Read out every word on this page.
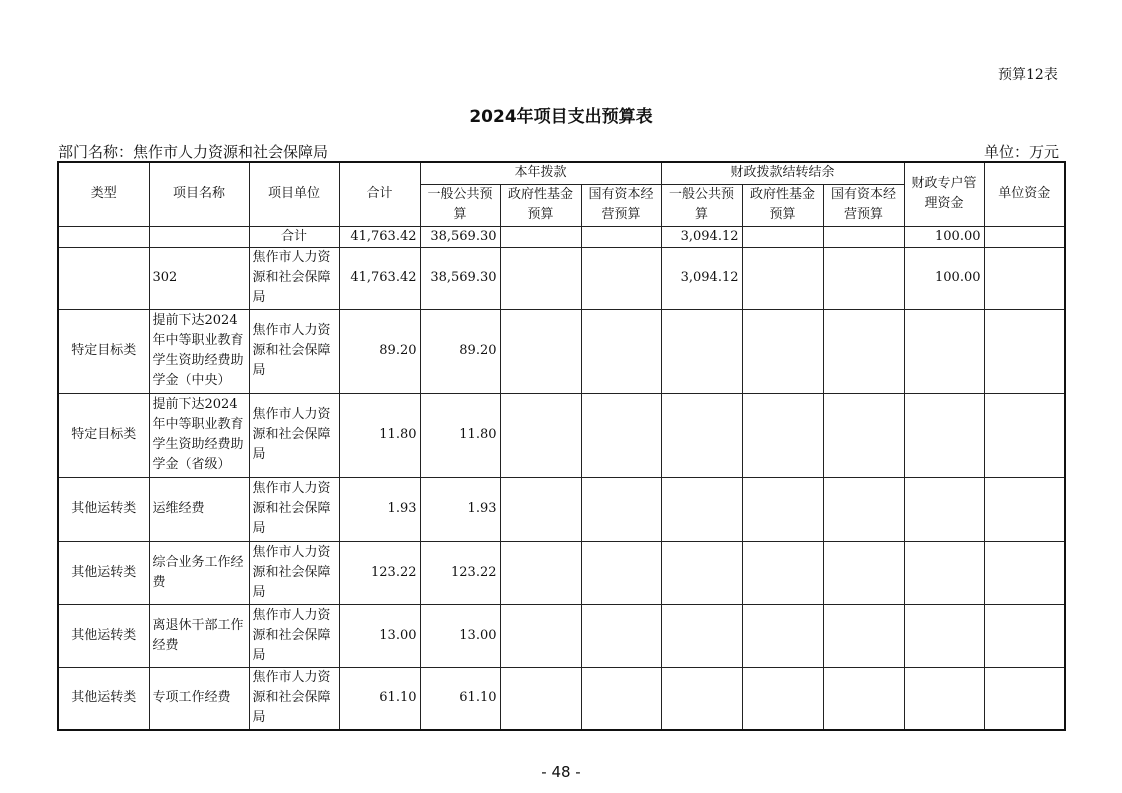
预算12表
2024年项目支出预算表
部门名称：焦作市人力资源和社会保障局	单位：万元
类型	项目名称	项目单位	合计	本年拨款			财政拨款结转结余			财政专户管理资金	单位资金
				一般公共预算	政府性基金预算	国有资本经营预算	一般公共预算	政府性基金预算	国有资本经营预算		

		合计	41,763.42	38,569.30			3,094.12			100.00	
	302	焦作市人力资源和社会保障局	41,763.42	38,569.30			3,094.12			100.00	
特定目标类	提前下达2024年中等职业教育学生资助经费助学金（中央）	焦作市人力资源和社会保障局	89.20	89.20							
特定目标类	提前下达2024年中等职业教育学生资助经费助学金（省级）	焦作市人力资源和社会保障局	11.80	11.80							
其他运转类	运维经费	焦作市人力资源和社会保障局	1.93	1.93							
其他运转类	综合业务工作经费	焦作市人力资源和社会保障局	123.22	123.22							
其他运转类	离退休干部工作经费	焦作市人力资源和社会保障局	13.00	13.00							
其他运转类	专项工作经费	焦作市人力资源和社会保障局	61.10	61.10							
- 48 -
